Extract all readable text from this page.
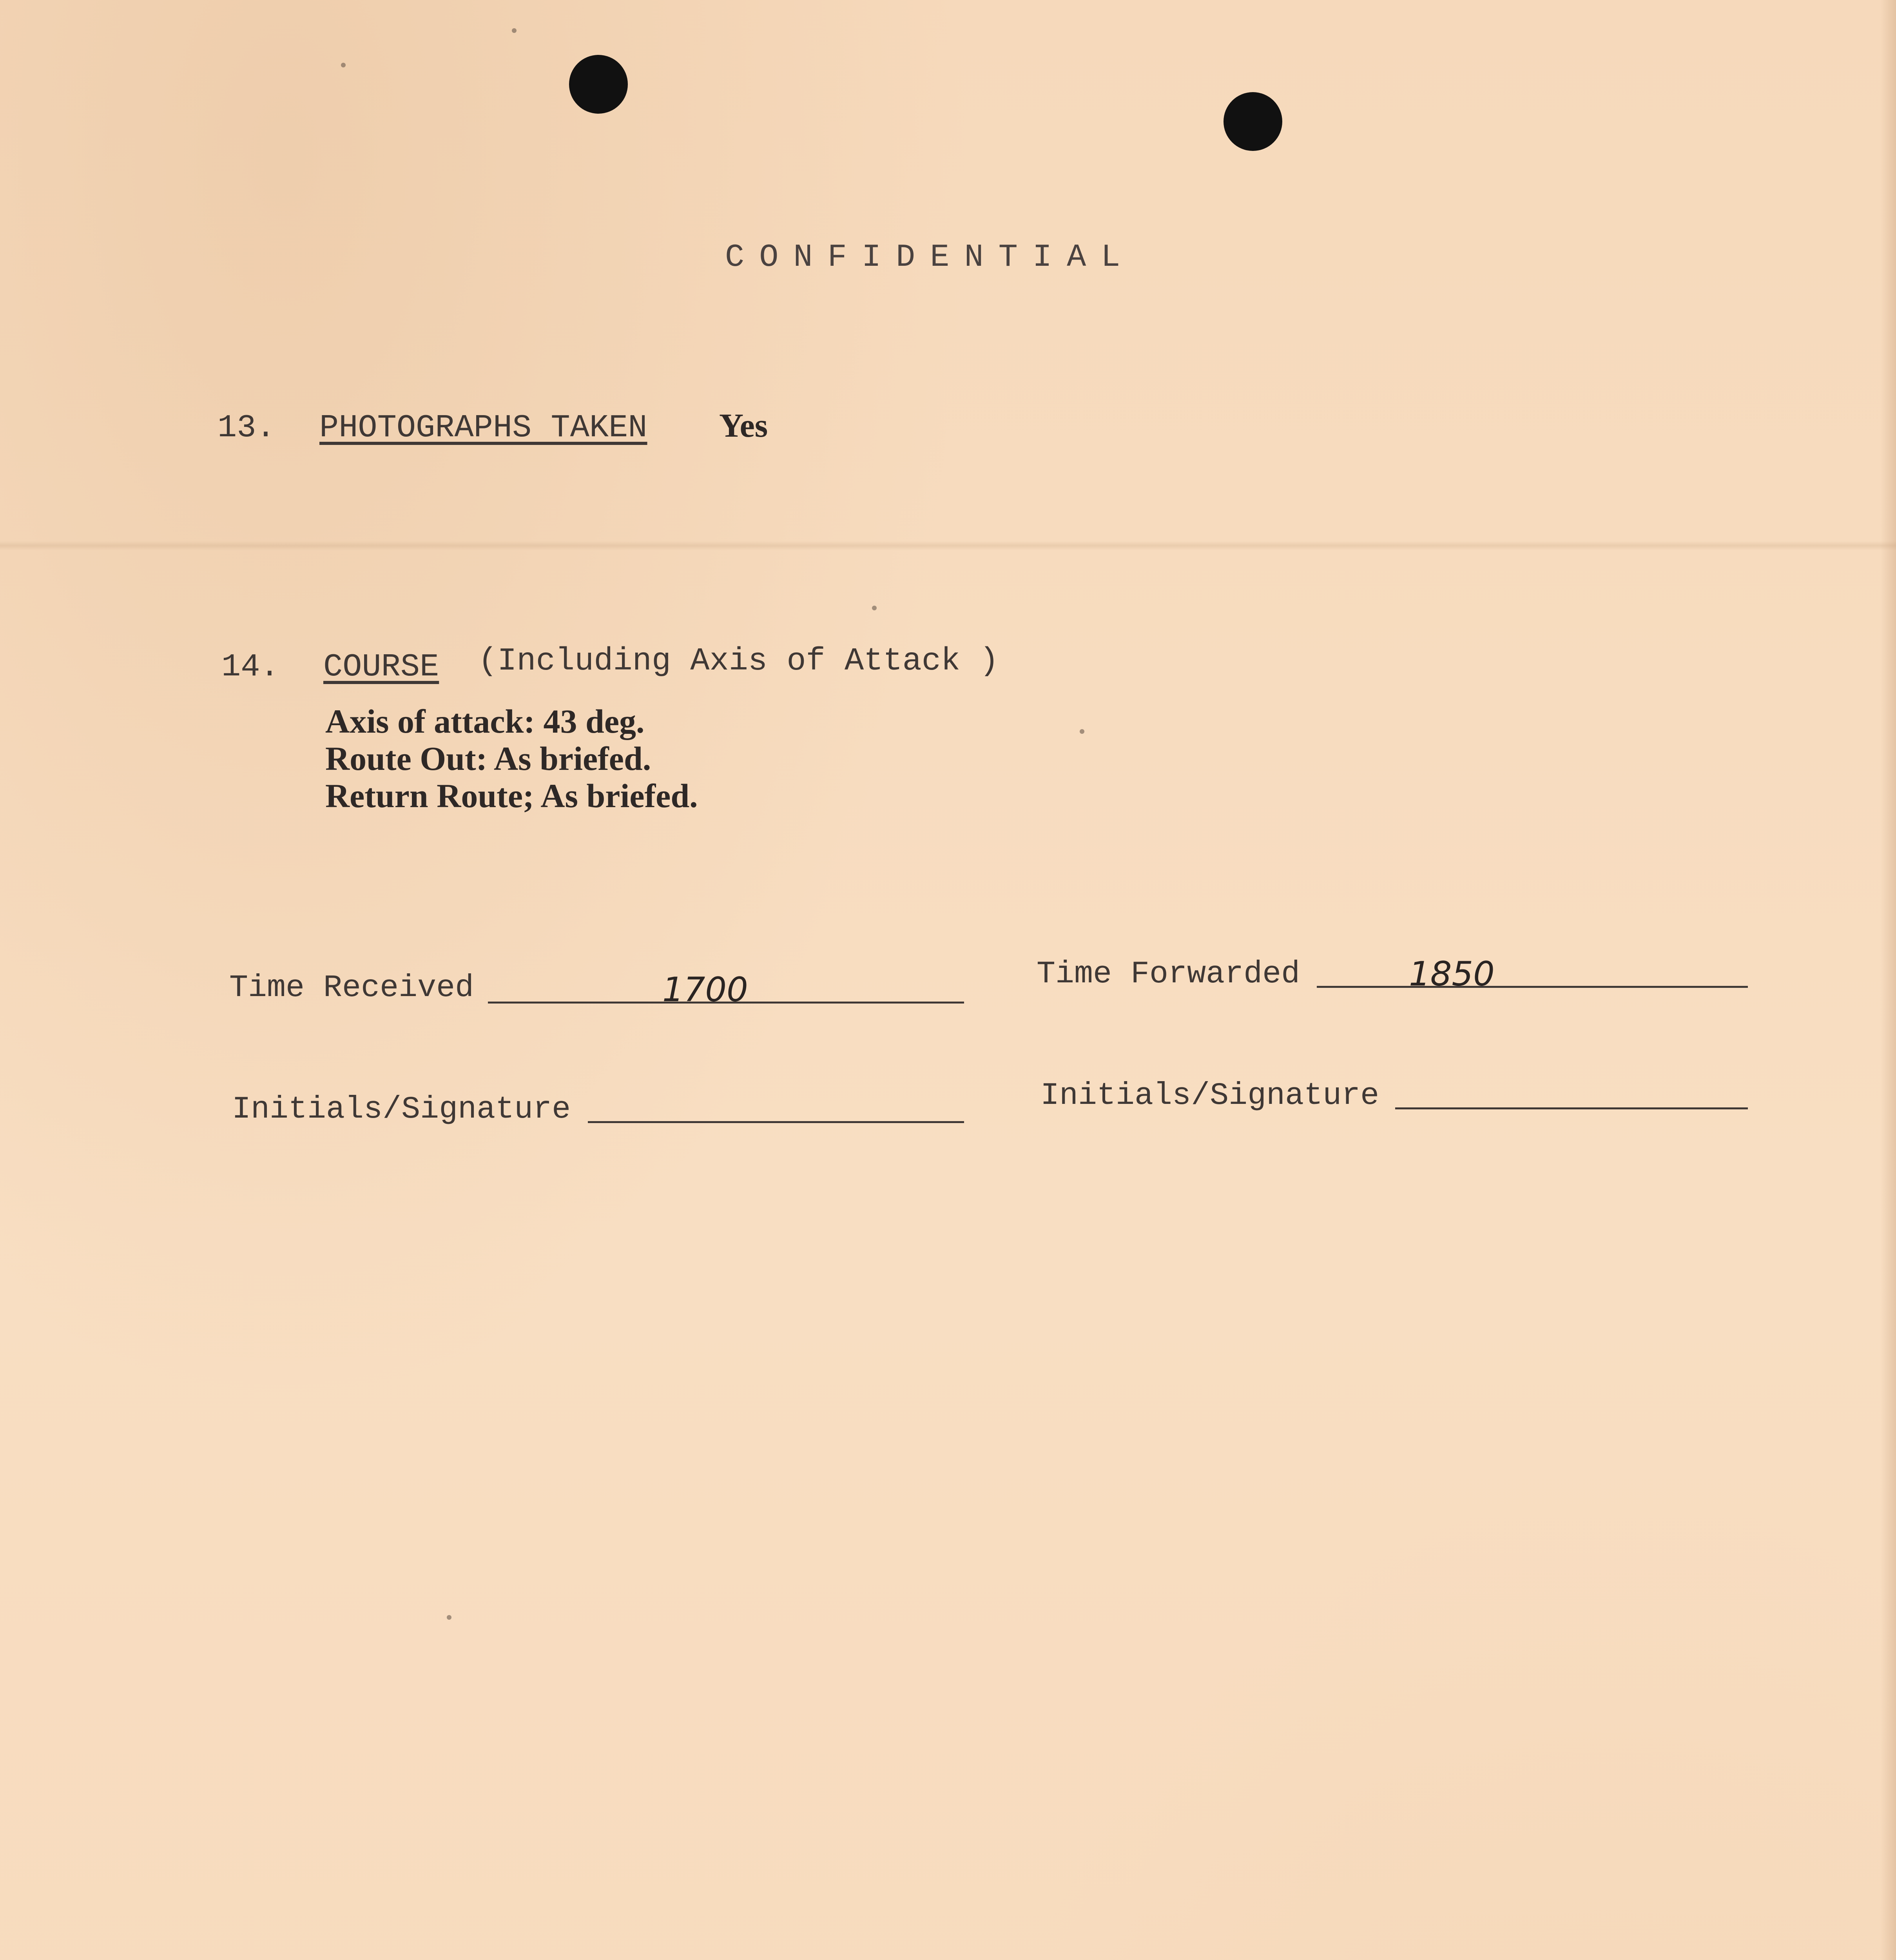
CONFIDENTIAL
13. PHOTOGRAPHS TAKEN Yes
14. COURSE (Including Axis of Attack )
Axis of attack: 43 deg.
Route Out: As briefed.
Return Route; As briefed.
Time Received	1700	Time Forwarded	1850
Initials/Signature	Initials/Signature
